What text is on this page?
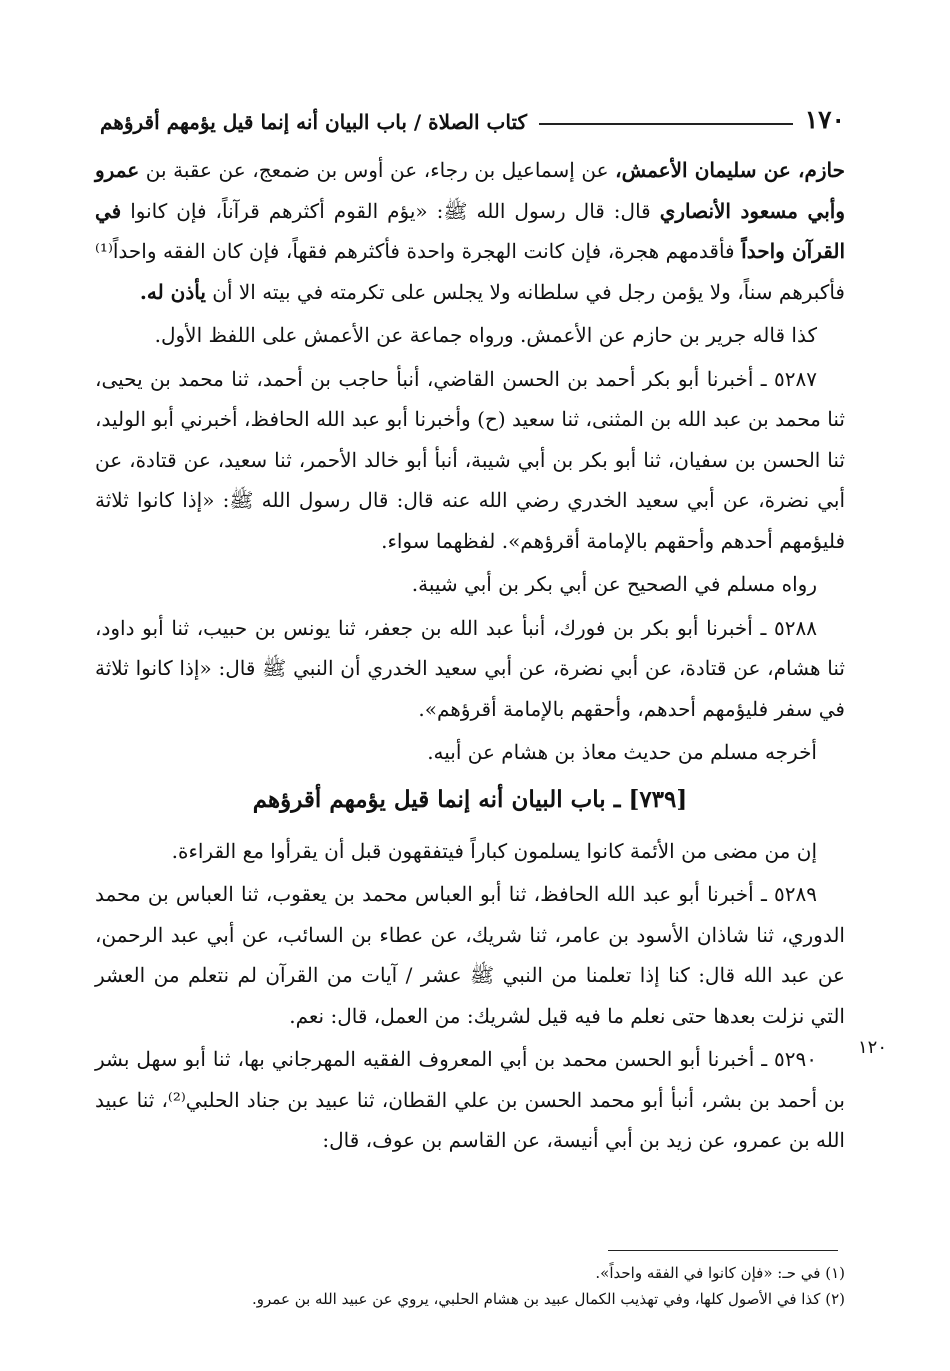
١٧٠
كتاب الصلاة / باب البيان أنه إنما قيل يؤمهم أقرؤهم

حازم، عن سليمان الأعمش، عن إسماعيل بن رجاء، عن أوس بن ضمعج، عن عقبة بن عمرو وأبي مسعود الأنصاري قال: قال رسول الله ﷺ: «يؤم القوم أكثرهم قرآناً، فإن كانوا في القرآن واحداً فأقدمهم هجرة، فإن كانت الهجرة واحدة فأكثرهم فقهاً، فإن كان الفقه واحداً⁽¹⁾ فأكبرهم سناً، ولا يؤمن رجل في سلطانه ولا يجلس على تكرمته في بيته الا أن يأذن له.

كذا قاله جرير بن حازم عن الأعمش. ورواه جماعة عن الأعمش على اللفظ الأول.

٥٢٨٧ ـ أخبرنا أبو بكر أحمد بن الحسن القاضي، أنبأ حاجب بن أحمد، ثنا محمد بن يحيى، ثنا محمد بن عبد الله بن المثنى، ثنا سعيد (ح) وأخبرنا أبو عبد الله الحافظ، أخبرني أبو الوليد، ثنا الحسن بن سفيان، ثنا أبو بكر بن أبي شيبة، أنبأ أبو خالد الأحمر، ثنا سعيد، عن قتادة، عن أبي نضرة، عن أبي سعيد الخدري رضي الله عنه قال: قال رسول الله ﷺ: «إذا كانوا ثلاثة فليؤمهم أحدهم وأحقهم بالإمامة أقرؤهم». لفظهما سواء.

رواه مسلم في الصحيح عن أبي بكر بن أبي شيبة.

٥٢٨٨ ـ أخبرنا أبو بكر بن فورك، أنبأ عبد الله بن جعفر، ثنا يونس بن حبيب، ثنا أبو داود، ثنا هشام، عن قتادة، عن أبي نضرة، عن أبي سعيد الخدري أن النبي ﷺ قال: «إذا كانوا ثلاثة في سفر فليؤمهم أحدهم، وأحقهم بالإمامة أقرؤهم».

أخرجه مسلم من حديث معاذ بن هشام عن أبيه.

[٧٣٩] ـ باب البيان أنه إنما قيل يؤمهم أقرؤهم

إن من مضى من الأئمة كانوا يسلمون كباراً فيتفقهون قبل أن يقرأوا مع القراءة.

٥٢٨٩ ـ أخبرنا أبو عبد الله الحافظ، ثنا أبو العباس محمد بن يعقوب، ثنا العباس بن محمد الدوري، ثنا شاذان الأسود بن عامر، ثنا شريك، عن عطاء بن السائب، عن أبي عبد الرحمن، عن عبد الله قال: كنا إذا تعلمنا من النبي ﷺ عشر / آيات من القرآن لم نتعلم من العشر التي نزلت بعدها حتى نعلم ما فيه قيل لشريك: من العمل، قال: نعم.

٥٢٩٠ ـ أخبرنا أبو الحسن محمد بن أبي المعروف الفقيه المهرجاني بها، ثنا أبو سهل بشر بن أحمد بن بشر، أنبأ أبو محمد الحسن بن علي القطان، ثنا عبيد بن جناد الحلبي⁽²⁾، ثنا عبيد الله بن عمرو، عن زيد بن أبي أنيسة، عن القاسم بن عوف، قال:

١٢٠

(١) في حـ: «فإن كانوا في الفقه واحداً».

(٢) كذا في الأصول كلها، وفي تهذيب الكمال عبيد بن هشام الحلبي، يروي عن عبيد الله بن عمرو.
